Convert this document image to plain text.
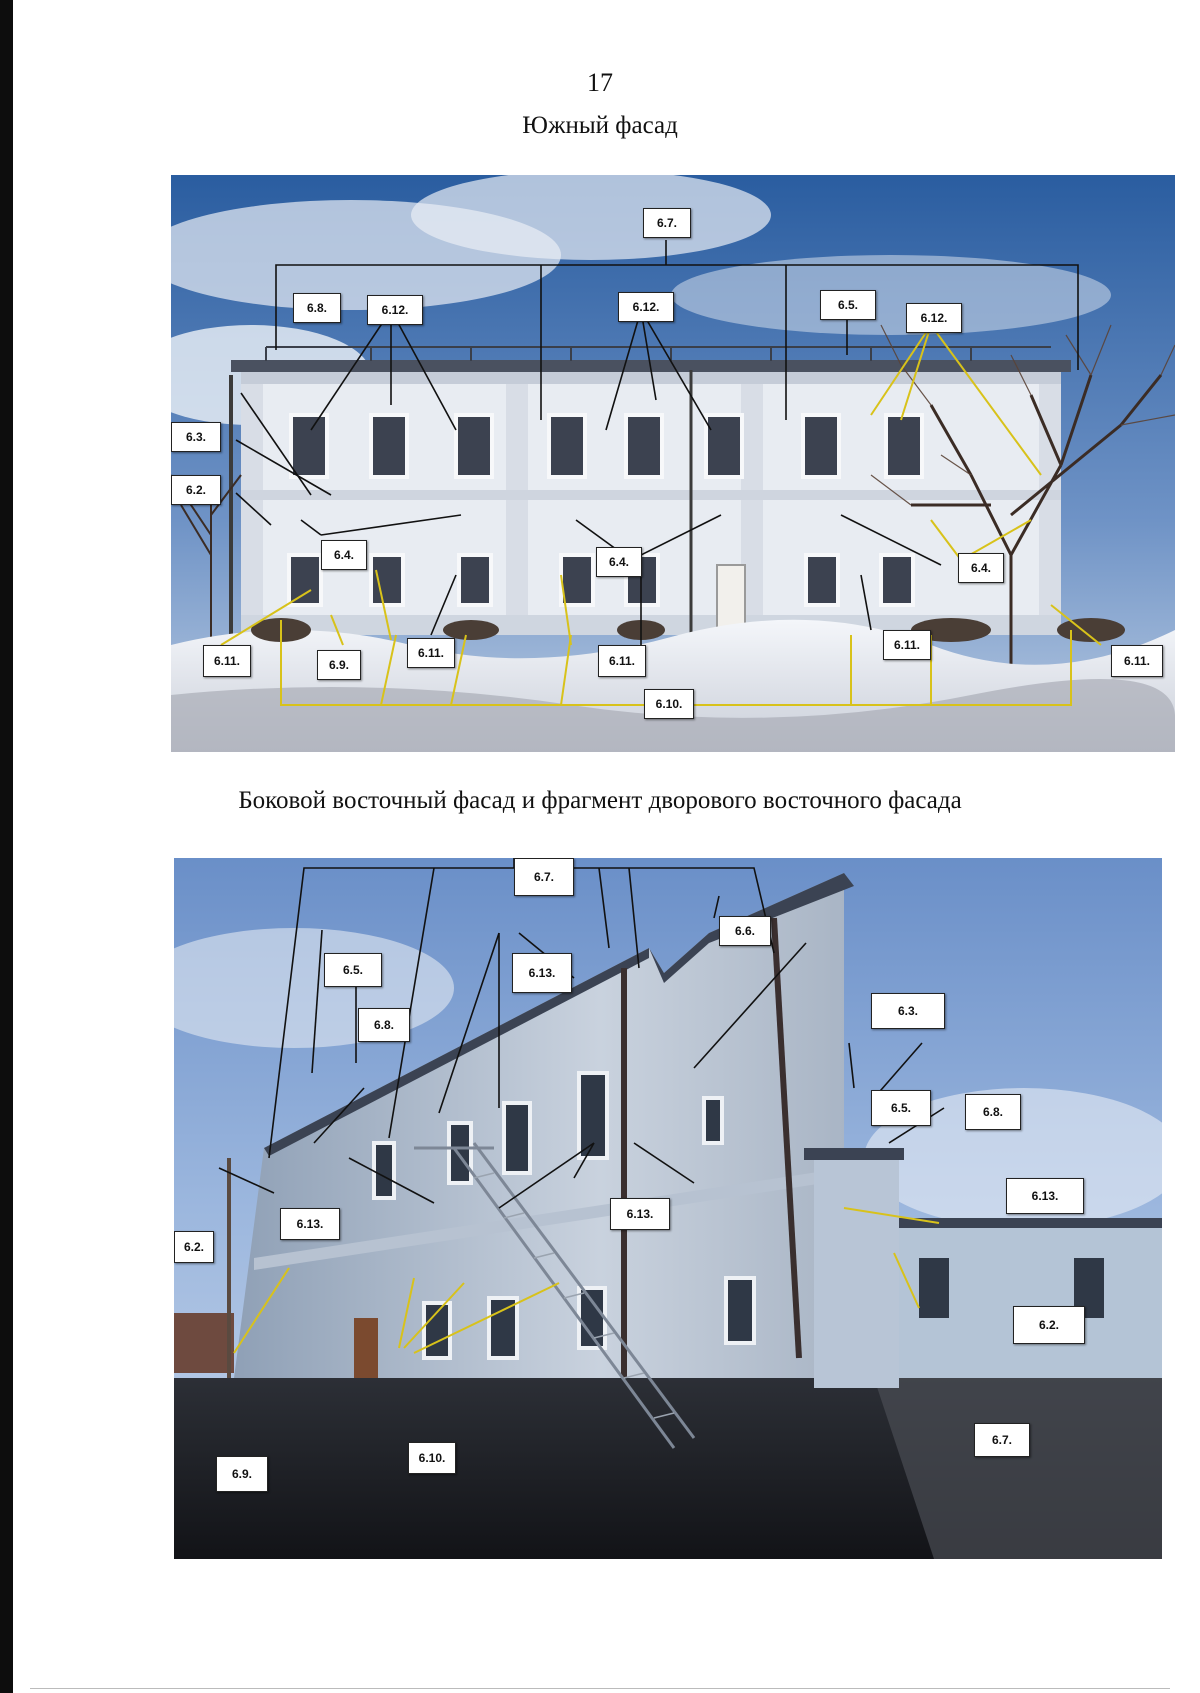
17
Южный фасад
6.7.
6.8.	6.12.	6.12.	6.5.
6.12.
6.3.
6.2.
6.4.	6.4.	6.4.
6.11.	6.9.
6.11.
6.11.
6.11.
6.11.
6.10.
Боковой восточный фасад и фрагмент дворового восточного фасада
6.7.
6.6.
6.5.	6.13.
6.8.
6.3.
6.5.	6.8.
6.13.
6.13.
6.13.
6.2.
6.2.
6.7.
6.9.
6.10.
